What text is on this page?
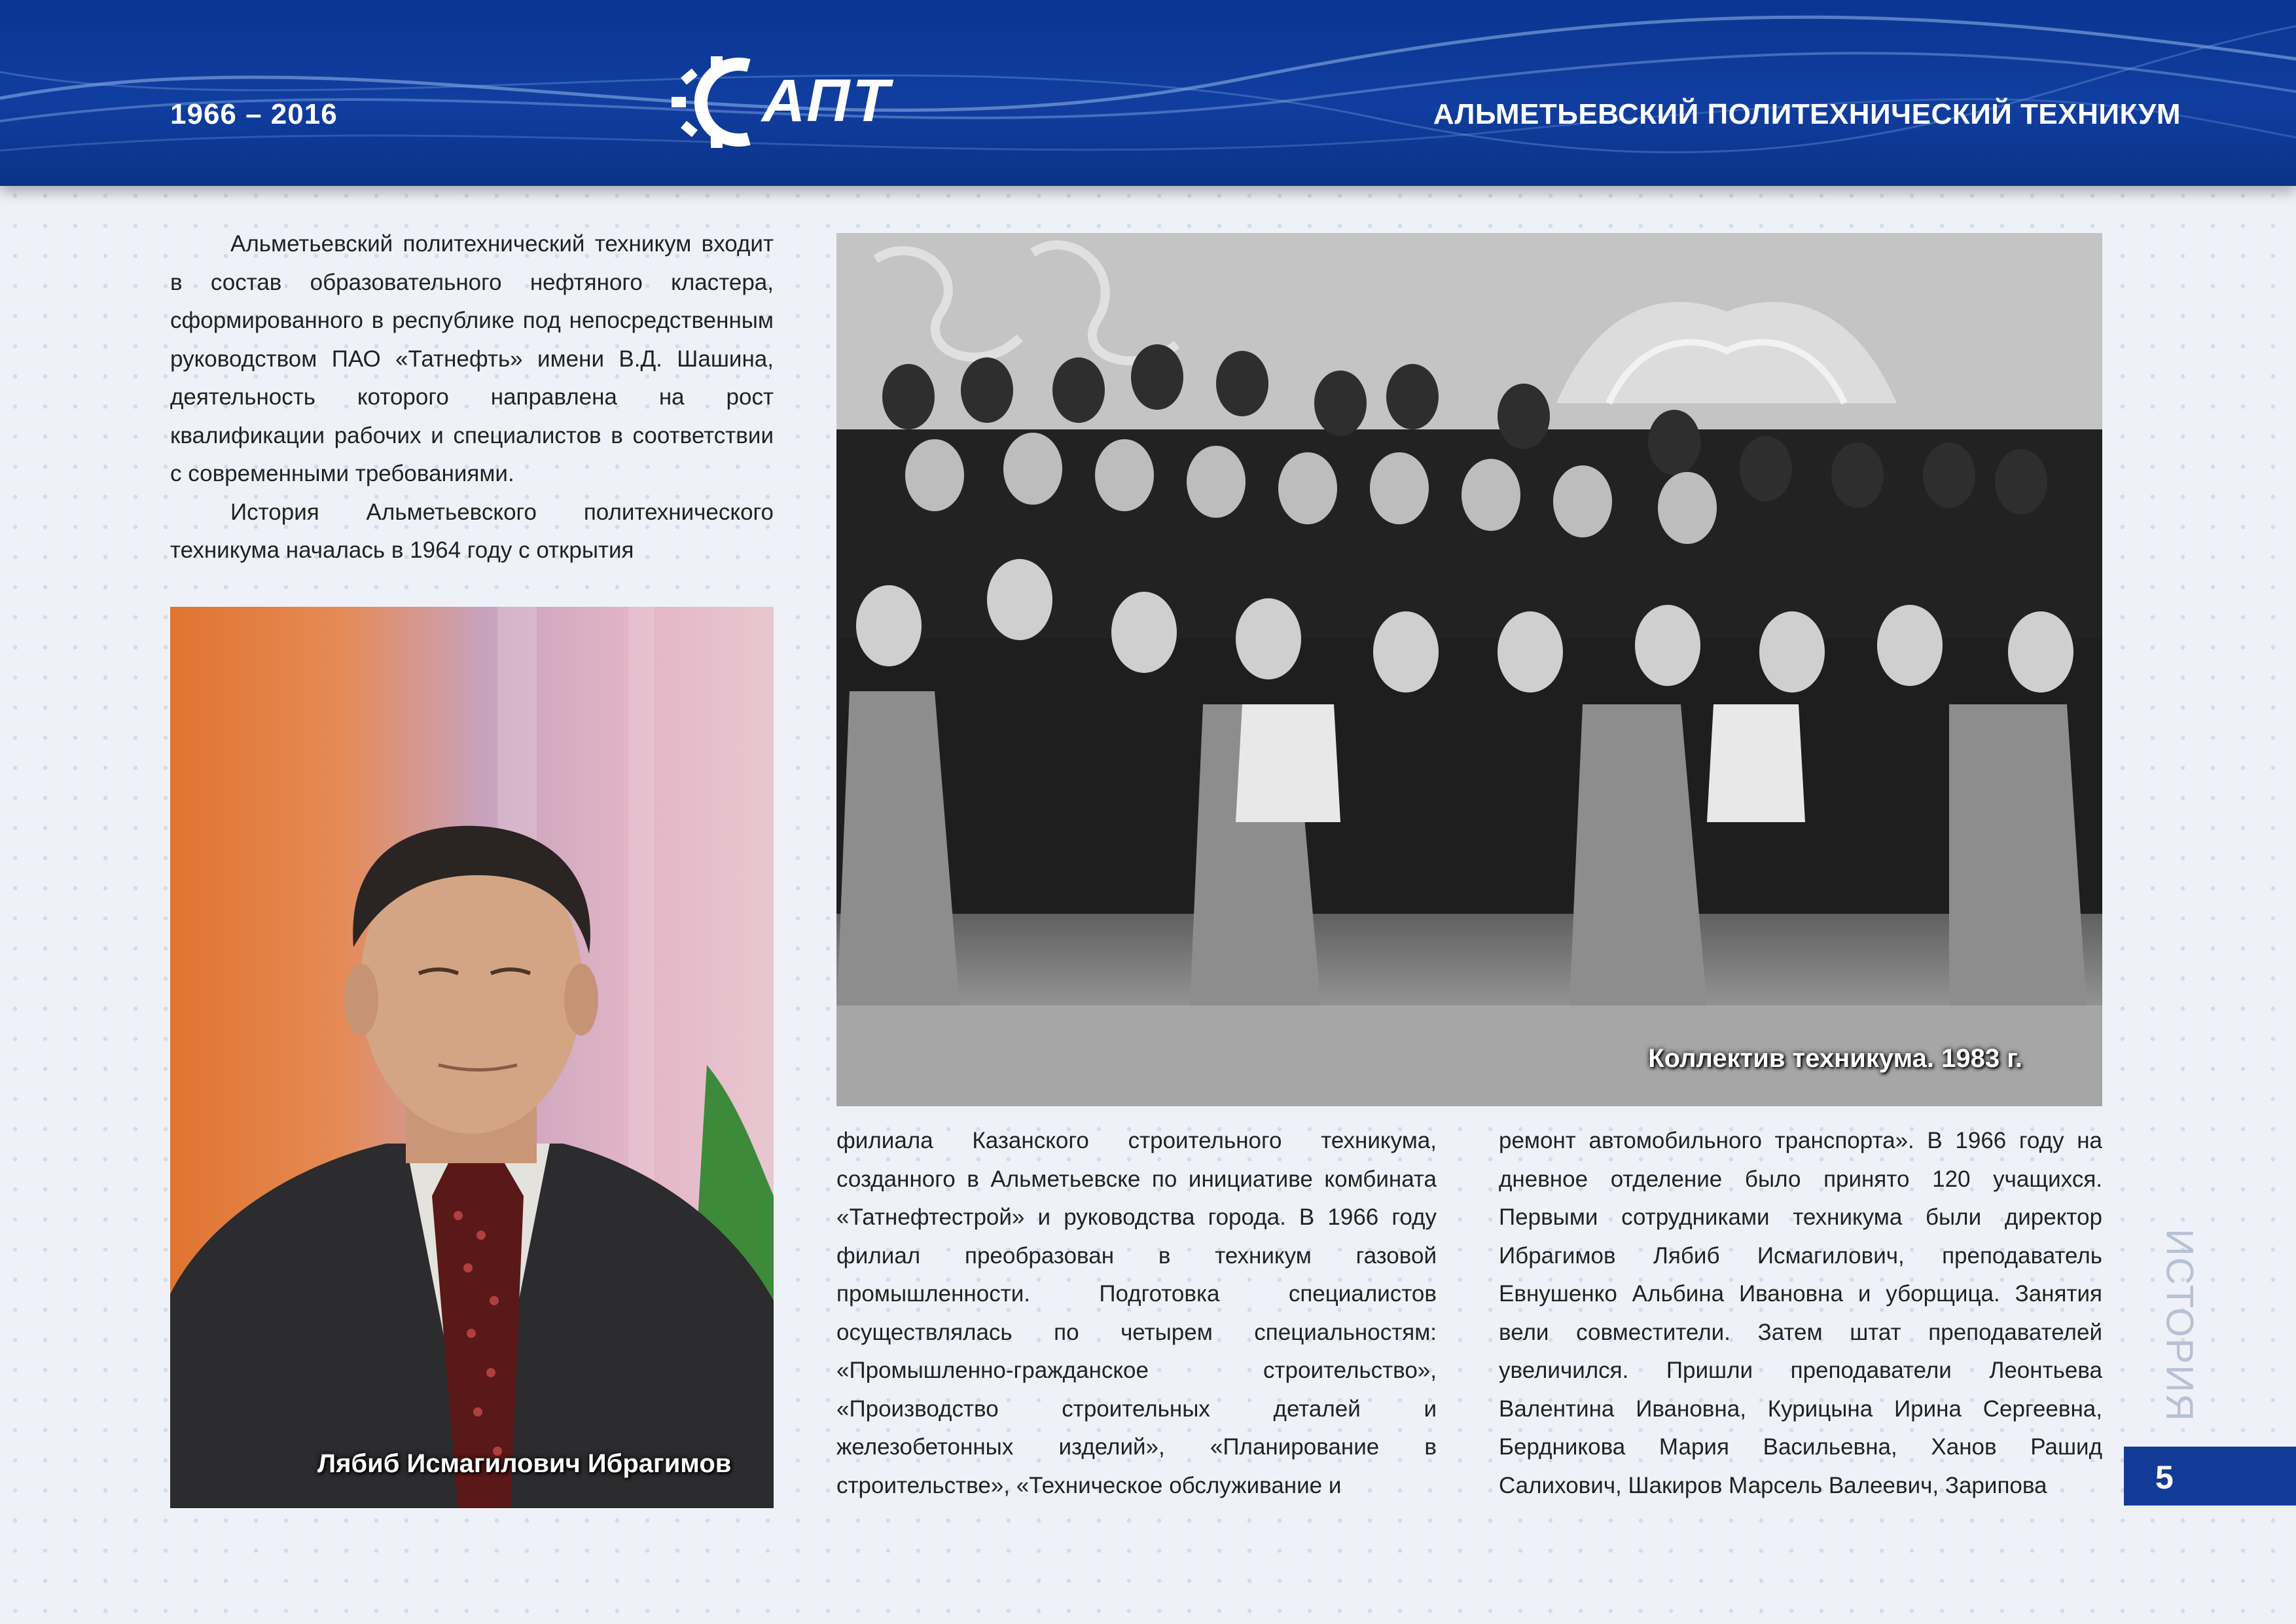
1966 – 2016	АПТ	АЛЬМЕТЬЕВСКИЙ ПОЛИТЕХНИЧЕСКИЙ ТЕХНИКУМ

Альметьевский политехнический техникум входит в состав образовательного нефтяного кластера, сформированного в республике под непосредственным руководством ПАО «Татнефть» имени В.Д. Шашина, деятельность которого направлена на рост квалификации рабочих и специалистов в соответствии с современными требованиями.

История Альметьевского политехнического техникума началась в 1964 году с открытия

Лябиб Исмагилович Ибрагимов
Коллектив техникума. 1983 г.
филиала Казанского строительного техникума, созданного в Альметьевске по инициативе комбината «Татнефтестрой» и руководства города. В 1966 году филиал преобразован в техникум газовой промышленности. Подготовка специалистов осуществлялась по четырем специальностям: «Промышленно-гражданское строительство», «Производство строительных деталей и железобетонных изделий», «Планирование в строительстве», «Техническое обслуживание и
ремонт автомобильного транспорта». В 1966 году на дневное отделение было принято 120 учащихся. Первыми сотрудниками техникума были директор Ибрагимов Лябиб Исмагилович, преподаватель Евнушенко Альбина Ивановна и уборщица. Занятия вели совместители. Затем штат преподавателей увеличился. Пришли преподаватели Леонтьева Валентина Ивановна, Курицына Ирина Сергеевна, Бердникова Мария Васильевна, Ханов Рашид Салихович, Шакиров Марсель Валеевич, Зарипова
ИСТОРИЯ
5
